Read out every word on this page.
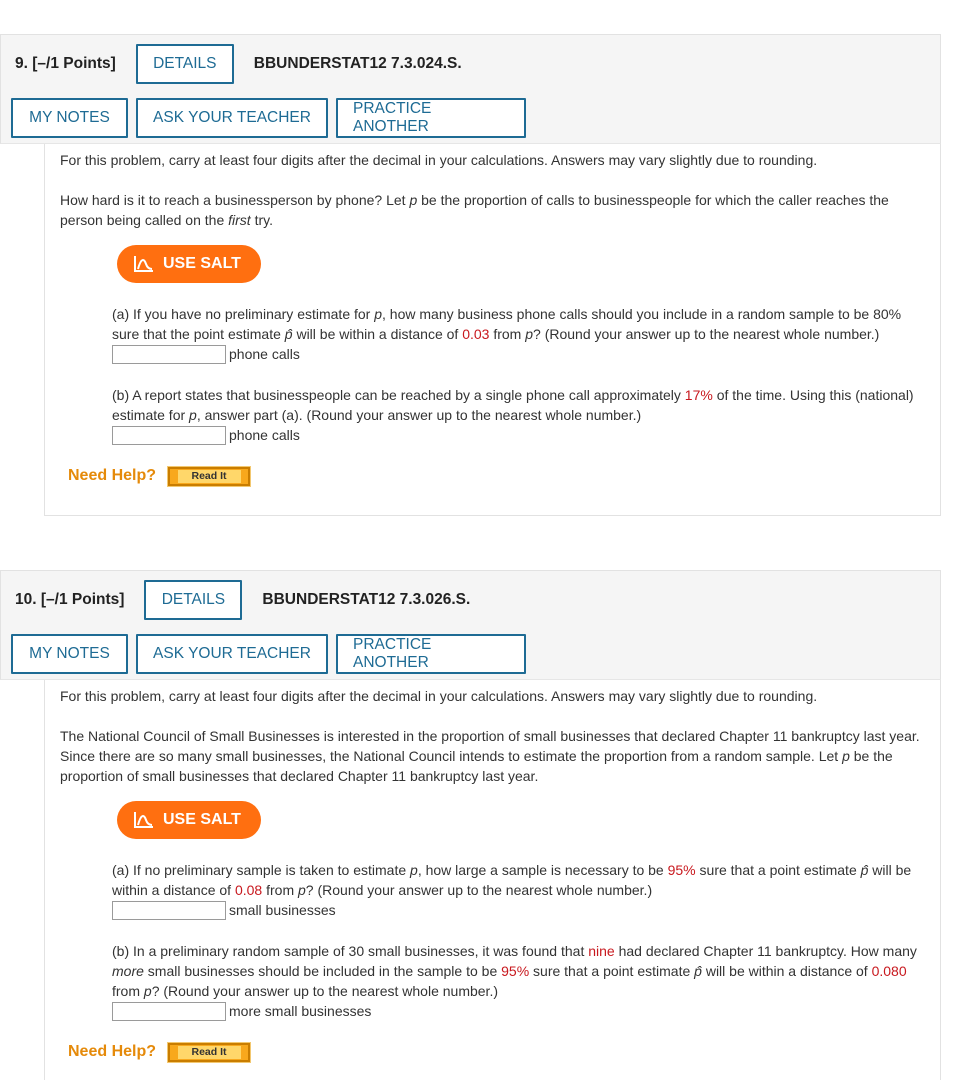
9. [–/1 Points]	DETAILS	BBUNDERSTAT12 7.3.024.S.
MY NOTES	ASK YOUR TEACHER
PRACTICE ANOTHER

For this problem, carry at least four digits after the decimal in your calculations. Answers may vary slightly due to rounding.

How hard is it to reach a businessperson by phone? Let p be the proportion of calls to businesspeople for which the caller reaches the person being called on the first try.

USE SALT

(a) If you have no preliminary estimate for p, how many business phone calls should you include in a random sample to be 80% sure that the point estimate p̂ will be within a distance of 0.03 from p? (Round your answer up to the nearest whole number.)

phone calls

(b) A report states that businesspeople can be reached by a single phone call approximately 17% of the time. Using this (national) estimate for p, answer part (a). (Round your answer up to the nearest whole number.)

phone calls
Need Help?	Read It
10. [–/1 Points]	DETAILS	BBUNDERSTAT12 7.3.026.S.
MY NOTES	ASK YOUR TEACHER
PRACTICE ANOTHER

For this problem, carry at least four digits after the decimal in your calculations. Answers may vary slightly due to rounding.

The National Council of Small Businesses is interested in the proportion of small businesses that declared Chapter 11 bankruptcy last year. Since there are so many small businesses, the National Council intends to estimate the proportion from a random sample. Let p be the proportion of small businesses that declared Chapter 11 bankruptcy last year.

USE SALT

(a) If no preliminary sample is taken to estimate p, how large a sample is necessary to be 95% sure that a point estimate p̂ will be within a distance of 0.08 from p? (Round your answer up to the nearest whole number.)

small businesses

(b) In a preliminary random sample of 30 small businesses, it was found that nine had declared Chapter 11 bankruptcy. How many more small businesses should be included in the sample to be 95% sure that a point estimate p̂ will be within a distance of 0.080 from p? (Round your answer up to the nearest whole number.)

more small businesses
Need Help?	Read It
